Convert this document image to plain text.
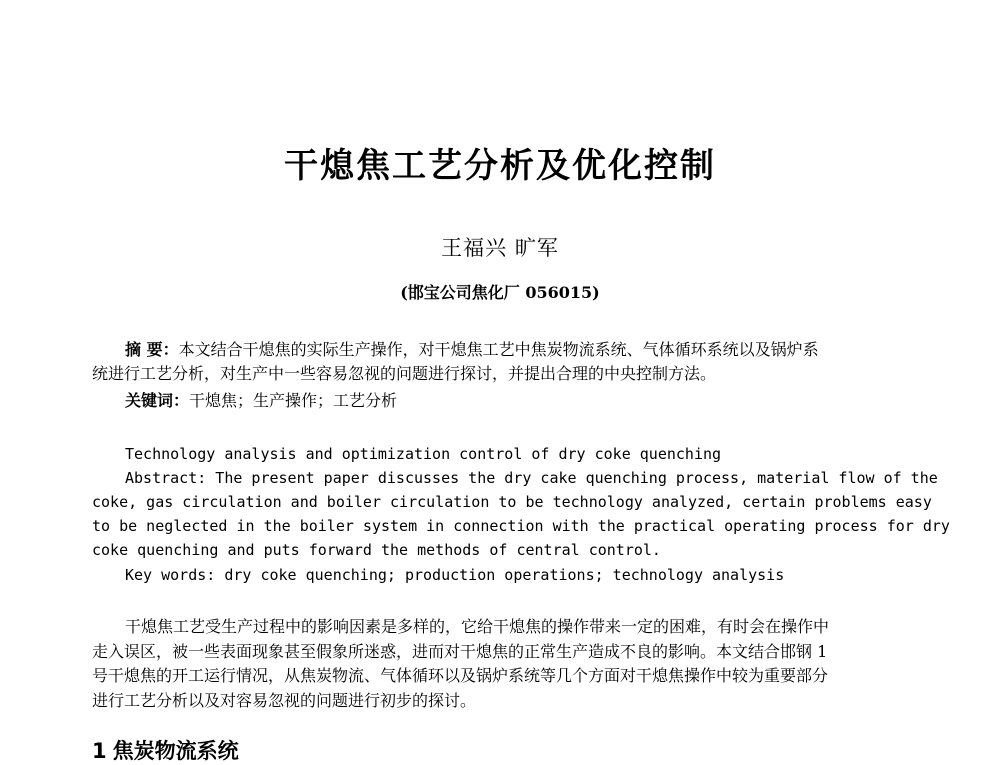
干熄焦工艺分析及优化控制
王福兴 旷军
(邯宝公司焦化厂 056015)
摘 要：本文结合干熄焦的实际生产操作，对干熄焦工艺中焦炭物流系统、气体循环系统以及锅炉系
统进行工艺分析，对生产中一些容易忽视的问题进行探讨，并提出合理的中央控制方法。
关键词：干熄焦；生产操作；工艺分析
Technology analysis and optimization control of dry coke quenching
Abstract: The present paper discusses the dry cake quenching process, material flow of the
coke, gas circulation and boiler circulation to be technology analyzed, certain problems easy
to be neglected in the boiler system in connection with the practical operating process for dry
coke quenching and puts forward the methods of central control.
Key words: dry coke quenching; production operations; technology analysis
干熄焦工艺受生产过程中的影响因素是多样的，它给干熄焦的操作带来一定的困难，有时会在操作中
走入误区，被一些表面现象甚至假象所迷惑，进而对干熄焦的正常生产造成不良的影响。本文结合邯钢 1
号干熄焦的开工运行情况，从焦炭物流、气体循环以及锅炉系统等几个方面对干熄焦操作中较为重要部分
进行工艺分析以及对容易忽视的问题进行初步的探讨。
1 焦炭物流系统
